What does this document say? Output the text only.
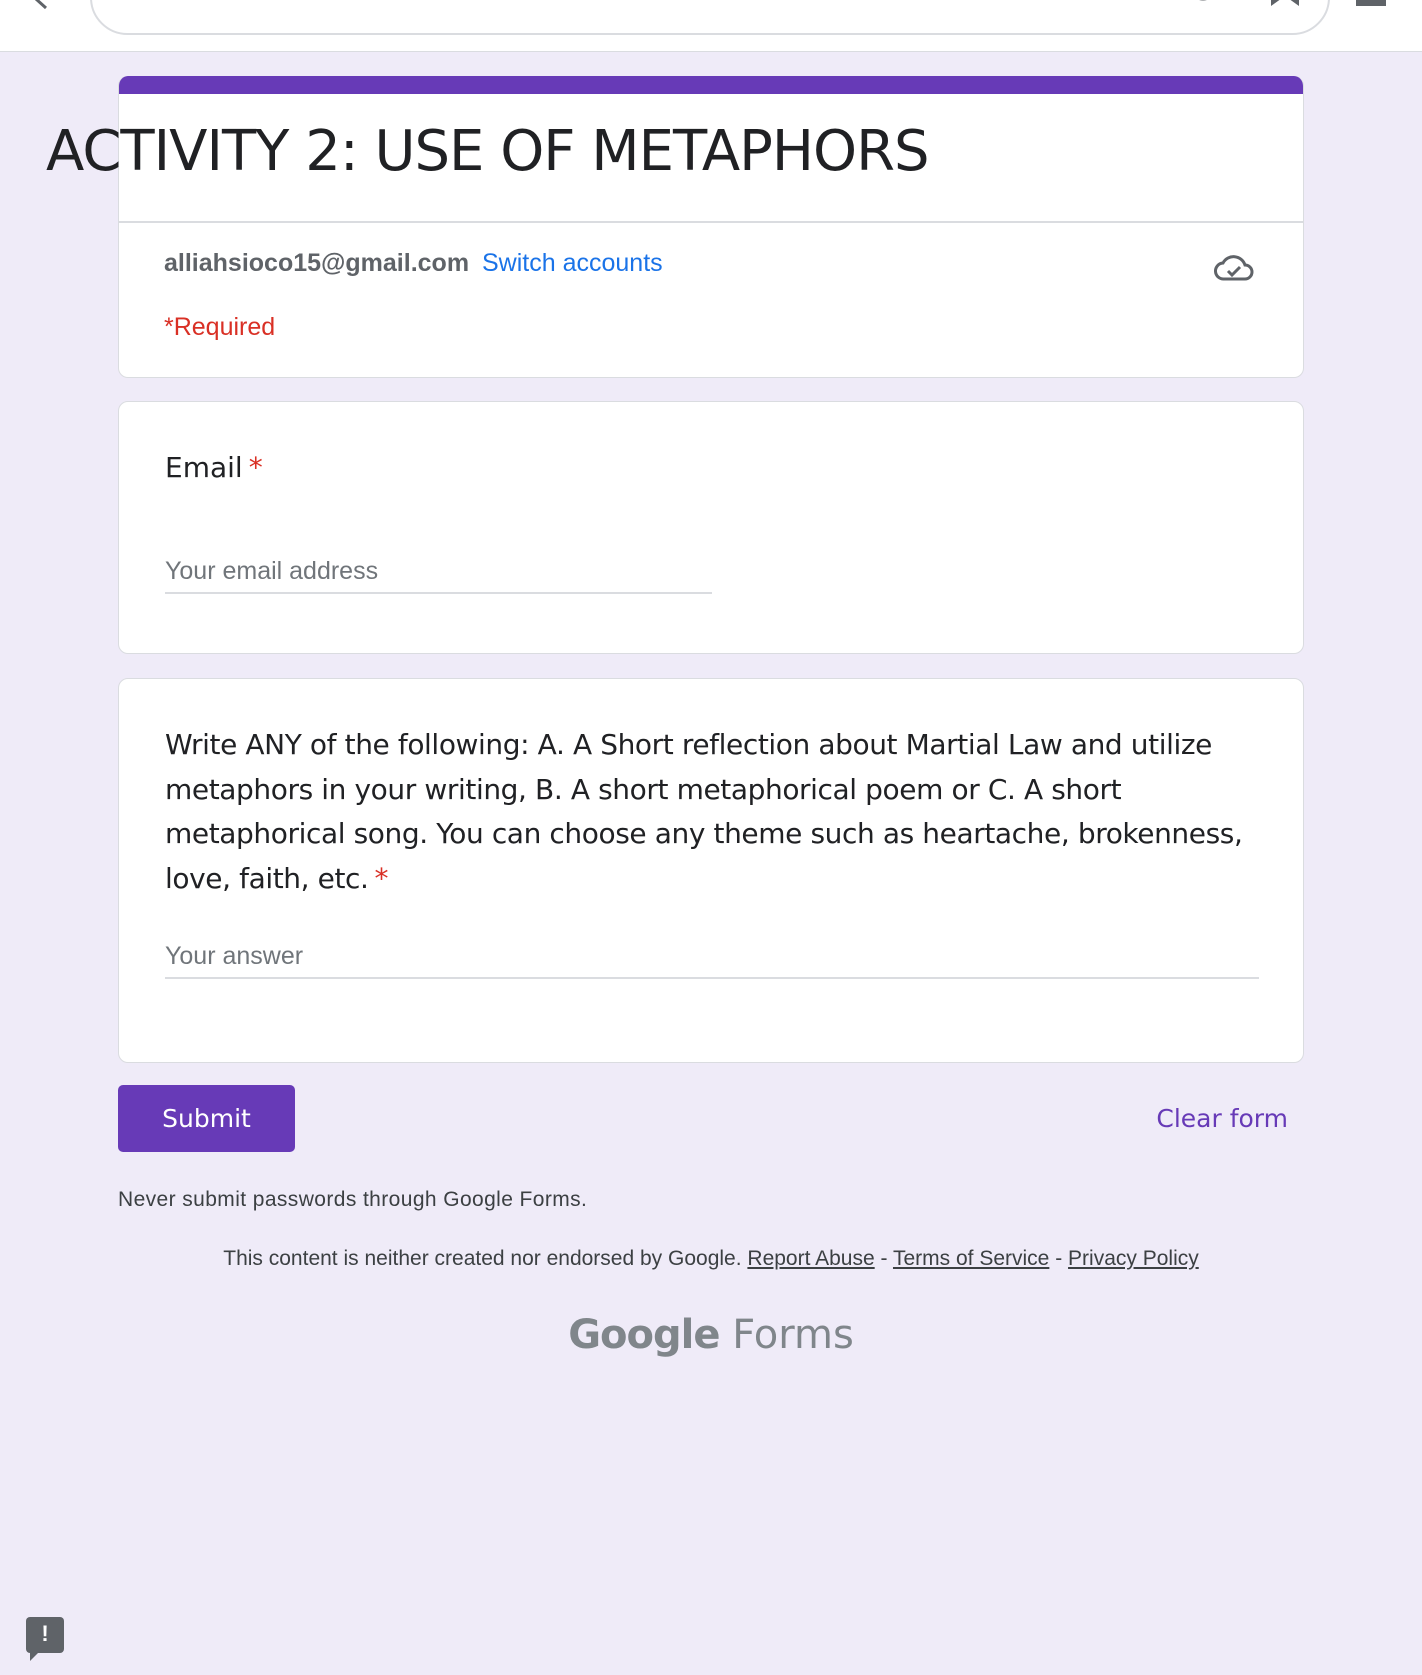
ACTIVITY 2: USE OF METAPHORS
alliahsioco15@gmail.com Switch accounts
*Required
Email *
Your email address
Write ANY of the following: A. A Short reflection about Martial Law and utilize metaphors in your writing, B. A short metaphorical poem or C. A short metaphorical song. You can choose any theme such as heartache, brokenness, love, faith, etc. *
Your answer
Submit	Clear form
Never submit passwords through Google Forms.
This content is neither created nor endorsed by Google. Report Abuse - Terms of Service - Privacy Policy
Google Forms
!
